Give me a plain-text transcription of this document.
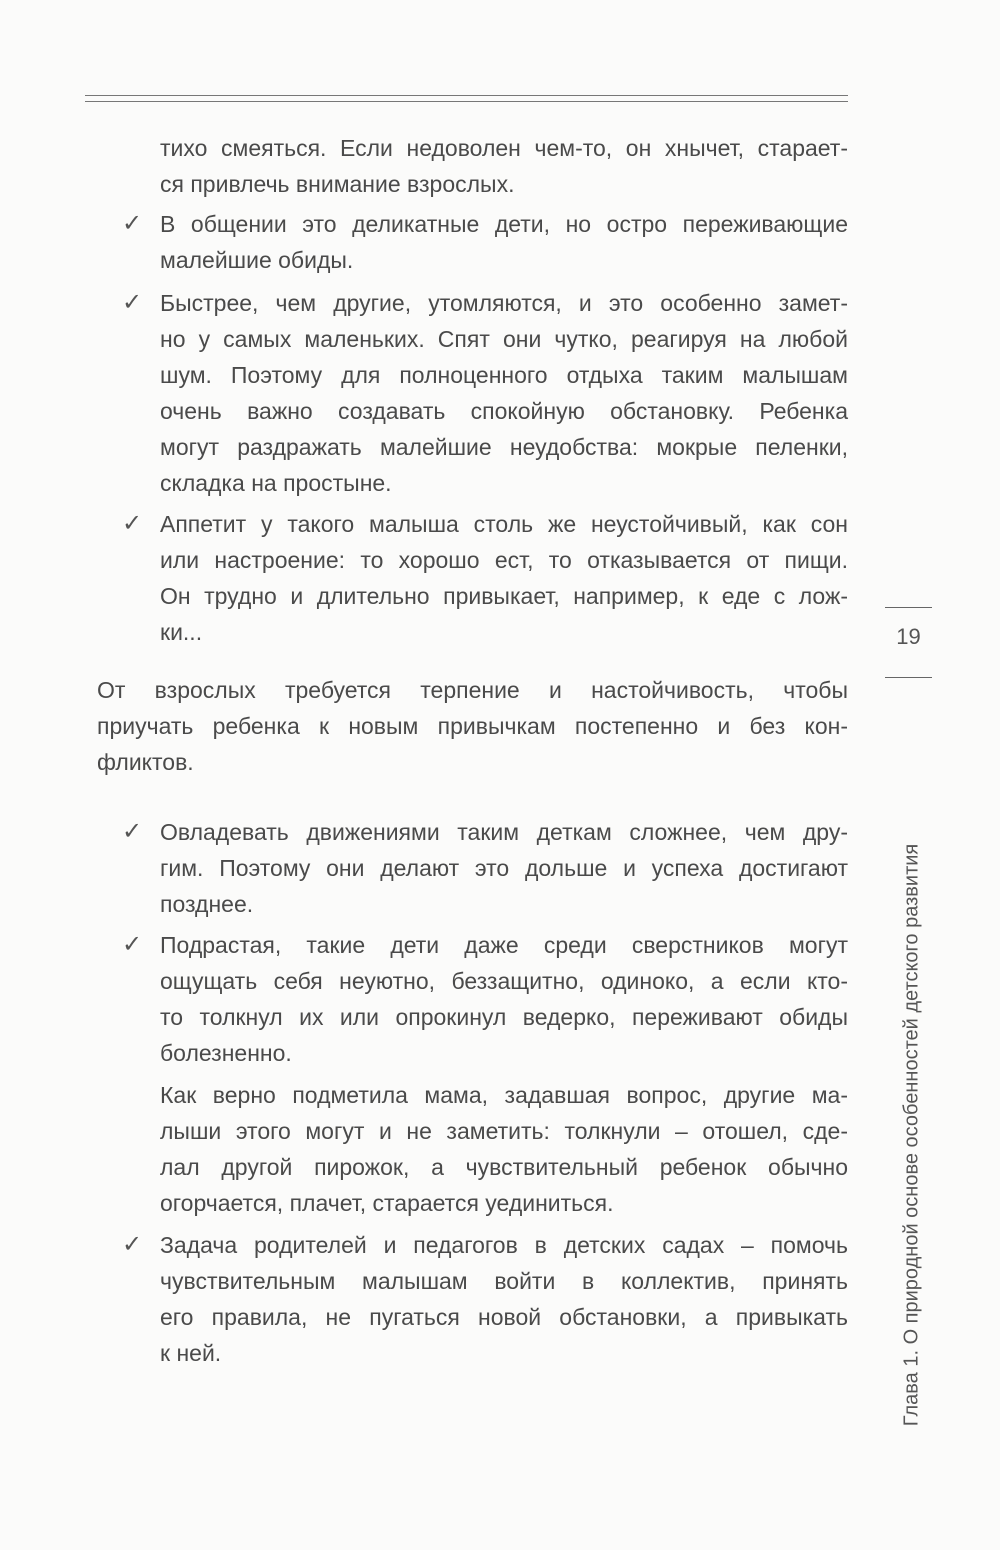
тихо смеяться. Если недоволен чем-то, он хнычет, старает-
ся привлечь внимание взрослых.
✓ В общении это деликатные дети, но остро переживающие
малейшие обиды.
✓ Быстрее, чем другие, утомляются, и это особенно замет-
но у самых маленьких. Спят они чутко, реагируя на любой
шум. Поэтому для полноценного отдыха таким малышам
очень важно создавать спокойную обстановку. Ребенка
могут раздражать малейшие неудобства: мокрые пеленки,
складка на простыне.
✓ Аппетит у такого малыша столь же неустойчивый, как сон
или настроение: то хорошо ест, то отказывается от пищи.
Он трудно и длительно привыкает, например, к еде с лож-
ки...
От взрослых требуется терпение и настойчивость, чтобы
приучать ребенка к новым привычкам постепенно и без кон-
фликтов.
✓ Овладевать движениями таким деткам сложнее, чем дру-
гим. Поэтому они делают это дольше и успеха достигают
позднее.
✓ Подрастая, такие дети даже среди сверстников могут
ощущать себя неуютно, беззащитно, одиноко, а если кто-
то толкнул их или опрокинул ведерко, переживают обиды
болезненно.
Как верно подметила мама, задавшая вопрос, другие ма-
лыши этого могут и не заметить: толкнули – отошел, сде-
лал другой пирожок, а чувствительный ребенок обычно
огорчается, плачет, старается уединиться.
✓ Задача родителей и педагогов в детских садах – помочь
чувствительным малышам войти в коллектив, принять
его правила, не пугаться новой обстановки, а привыкать
к ней.
19
Глава 1. О природной основе особенностей детского развития
